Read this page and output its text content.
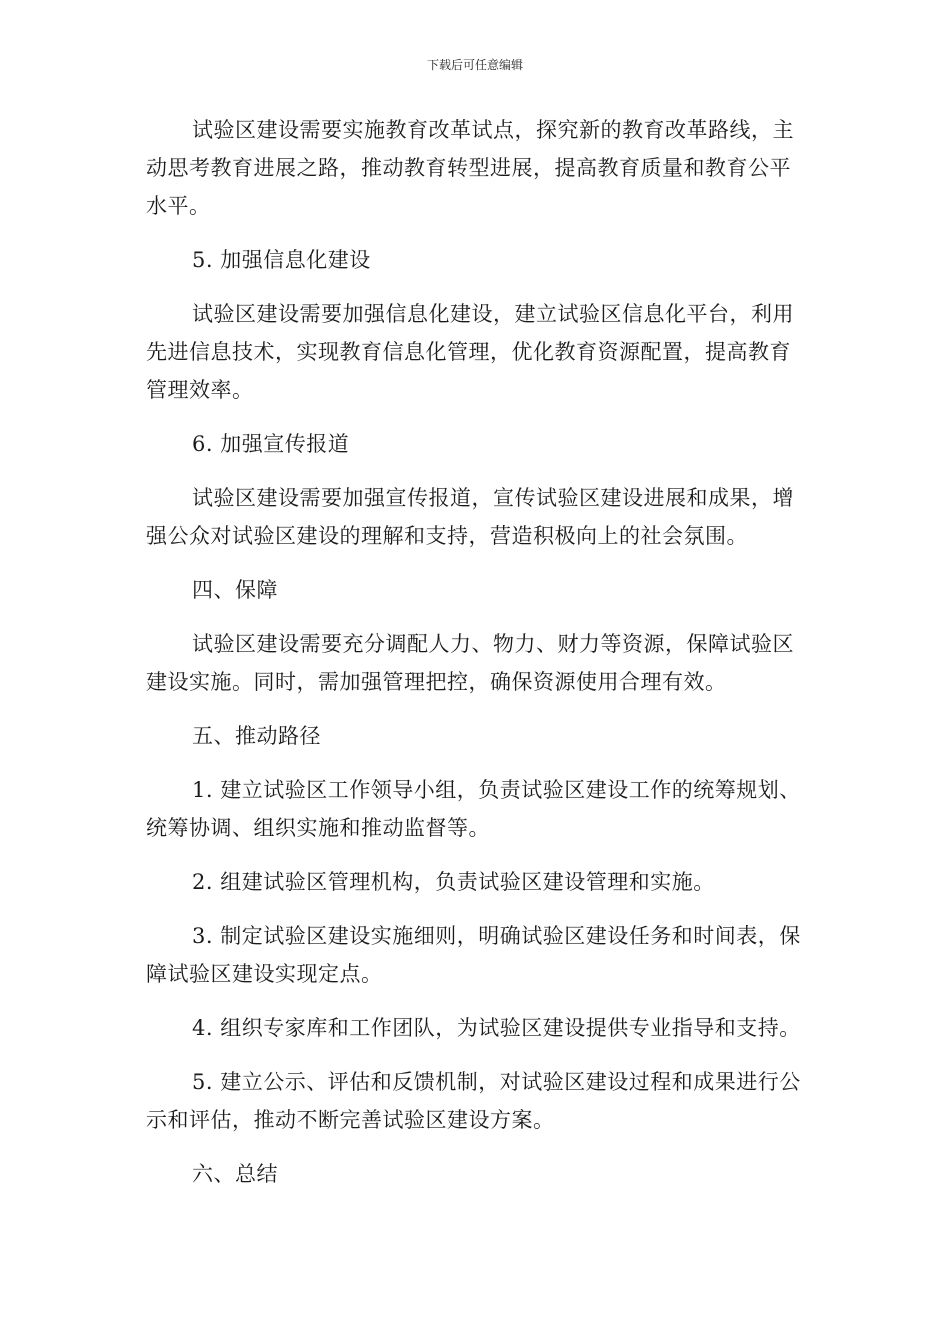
下载后可任意编辑

试验区建设需要实施教育改革试点，探究新的教育改革路线，主动思考教育进展之路，推动教育转型进展，提高教育质量和教育公平水平。

5. 加强信息化建设

试验区建设需要加强信息化建设，建立试验区信息化平台，利用先进信息技术，实现教育信息化管理，优化教育资源配置，提高教育管理效率。

6. 加强宣传报道

试验区建设需要加强宣传报道，宣传试验区建设进展和成果，增强公众对试验区建设的理解和支持，营造积极向上的社会氛围。

四、保障

试验区建设需要充分调配人力、物力、财力等资源，保障试验区建设实施。同时，需加强管理把控，确保资源使用合理有效。

五、推动路径

1. 建立试验区工作领导小组，负责试验区建设工作的统筹规划、统筹协调、组织实施和推动监督等。

2. 组建试验区管理机构，负责试验区建设管理和实施。

3. 制定试验区建设实施细则，明确试验区建设任务和时间表，保障试验区建设实现定点。

4. 组织专家库和工作团队，为试验区建设提供专业指导和支持。

5. 建立公示、评估和反馈机制，对试验区建设过程和成果进行公示和评估，推动不断完善试验区建设方案。

六、总结
